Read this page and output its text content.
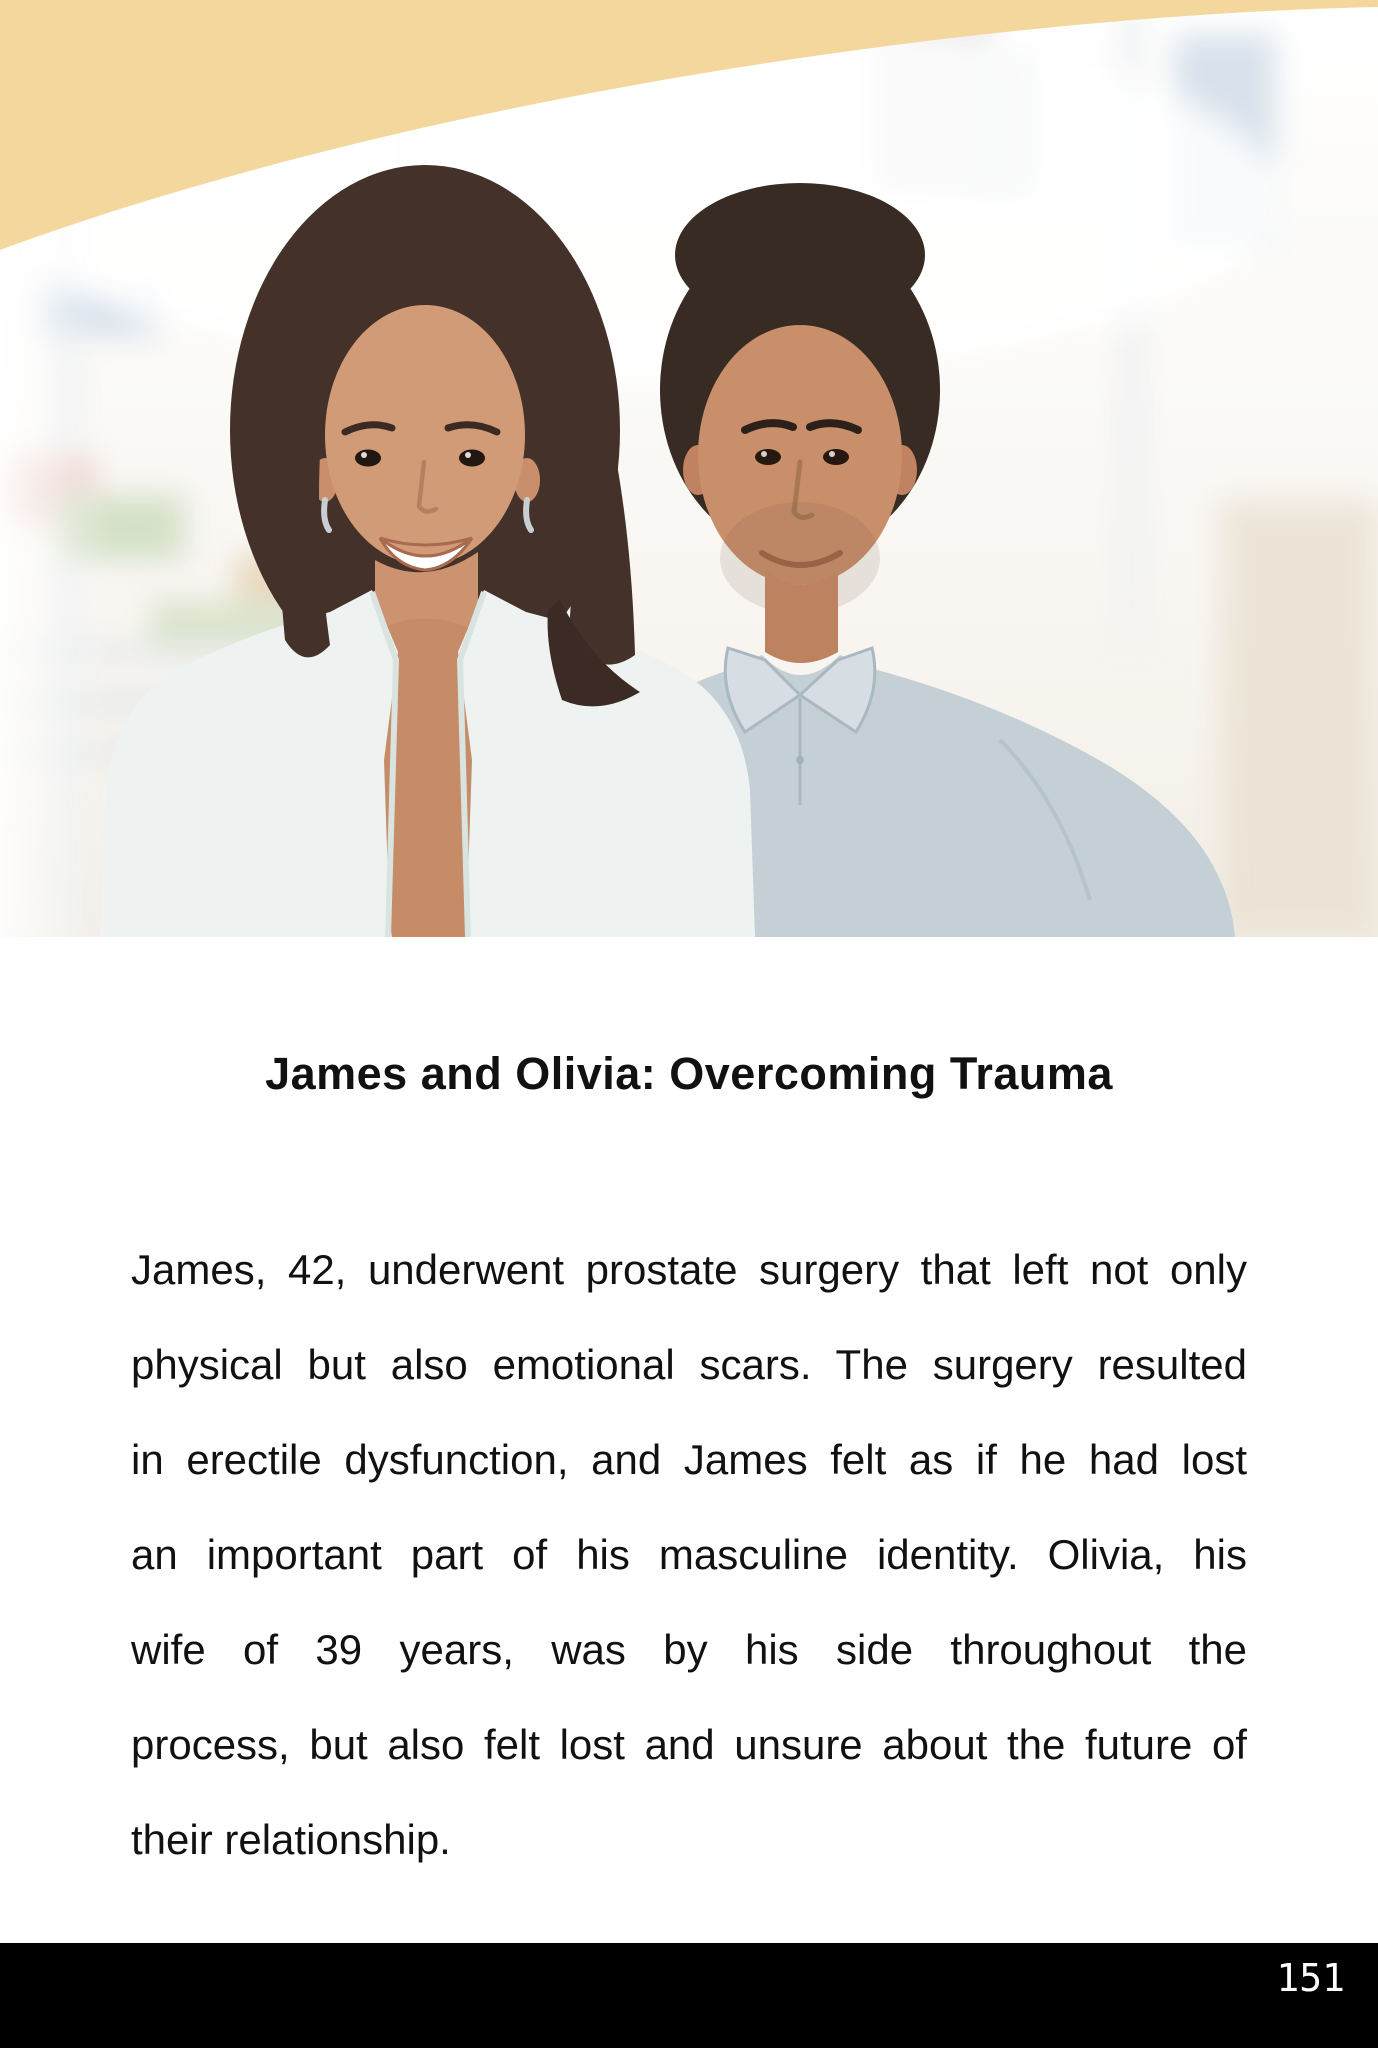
James and Olivia: Overcoming Trauma
James, 42, underwent prostate surgery that left not only
physical but also emotional scars. The surgery resulted
in erectile dysfunction, and James felt as if he had lost
an important part of his masculine identity. Olivia, his
wife of 39 years, was by his side throughout the
process, but also felt lost and unsure about the future of
their relationship.
151
